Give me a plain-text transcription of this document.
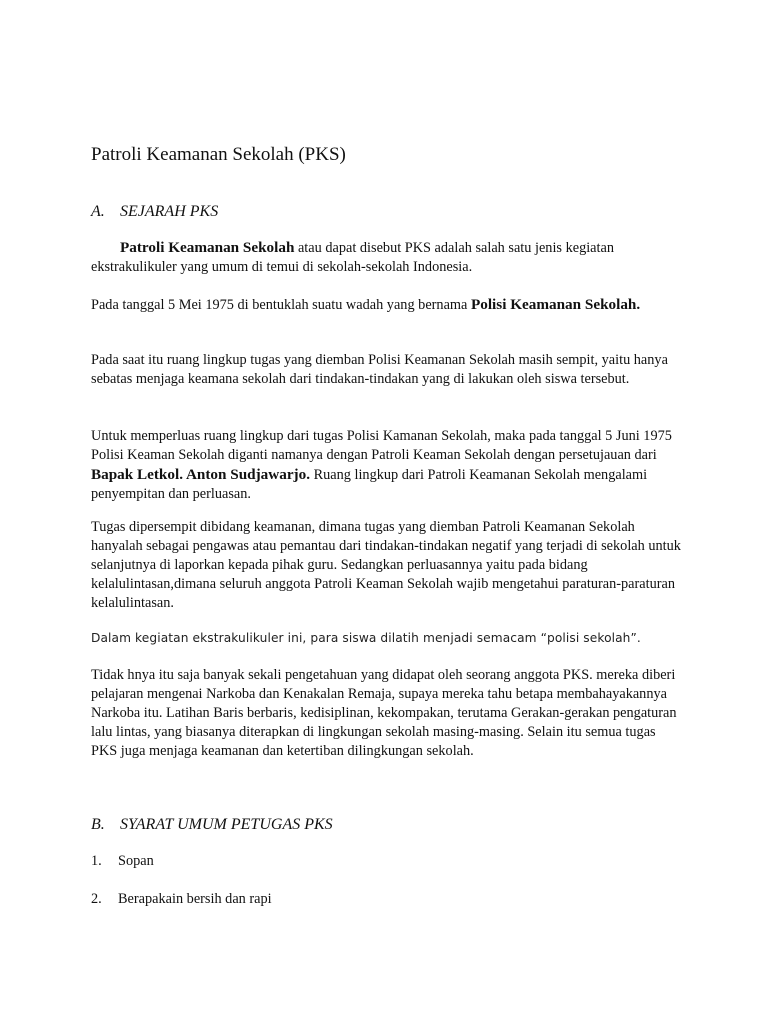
Patroli Keamanan Sekolah (PKS)
A. SEJARAH PKS

Patroli Keamanan Sekolah atau dapat disebut PKS adalah salah satu jenis kegiatan ekstrakulikuler yang umum di temui di sekolah-sekolah Indonesia.

Pada tanggal 5 Mei 1975 di bentuklah suatu wadah yang bernama Polisi Keamanan Sekolah.

Pada saat itu ruang lingkup tugas yang diemban Polisi Keamanan Sekolah masih sempit, yaitu hanya sebatas menjaga keamana sekolah dari tindakan-tindakan yang di lakukan oleh siswa tersebut.

Untuk memperluas ruang lingkup dari tugas Polisi Kamanan Sekolah, maka pada tanggal 5 Juni 1975 Polisi Keaman Sekolah diganti namanya dengan Patroli Keaman Sekolah dengan persetujauan dari Bapak Letkol. Anton Sudjawarjo. Ruang lingkup dari Patroli Keamanan Sekolah mengalami penyempitan dan perluasan.

Tugas dipersempit dibidang keamanan, dimana tugas yang diemban Patroli Keamanan Sekolah hanyalah sebagai pengawas atau pemantau dari tindakan-tindakan negatif yang terjadi di sekolah untuk selanjutnya di laporkan kepada pihak guru. Sedangkan perluasannya yaitu pada bidang kelalulintasan,dimana seluruh anggota Patroli Keaman Sekolah wajib mengetahui paraturan-paraturan kelalulintasan.

Dalam kegiatan ekstrakulikuler ini, para siswa dilatih menjadi semacam “polisi sekolah”.

Tidak hnya itu saja banyak sekali pengetahuan yang didapat oleh seorang anggota PKS. mereka diberi pelajaran mengenai Narkoba dan Kenakalan Remaja, supaya mereka tahu betapa membahayakannya Narkoba itu. Latihan Baris berbaris, kedisiplinan, kekompakan, terutama Gerakan-gerakan pengaturan lalu lintas, yang biasanya diterapkan di lingkungan sekolah masing-masing. Selain itu semua tugas PKS juga menjaga keamanan dan ketertiban dilingkungan sekolah.

B. SYARAT UMUM PETUGAS PKS
1. Sopan
2. Berapakain bersih dan rapi
